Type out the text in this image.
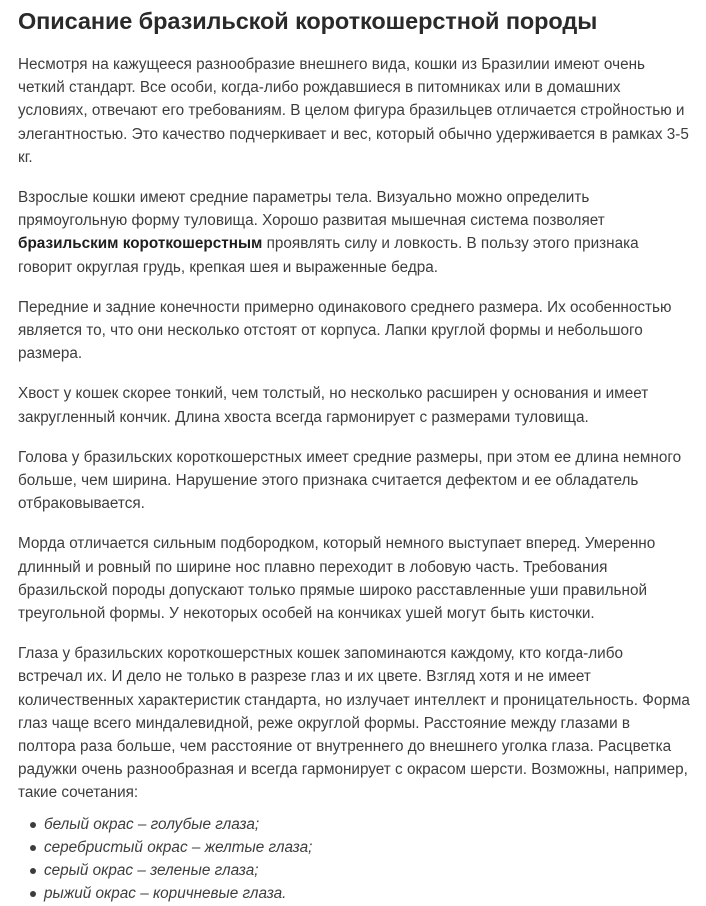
Описание бразильской короткошерстной породы

Несмотря на кажущееся разнообразие внешнего вида, кошки из Бразилии имеют очень четкий стандарт. Все особи, когда-либо рождавшиеся в питомниках или в домашних условиях, отвечают его требованиям. В целом фигура бразильцев отличается стройностью и элегантностью. Это качество подчеркивает и вес, который обычно удерживается в рамках 3-5 кг.

Взрослые кошки имеют средние параметры тела. Визуально можно определить прямоугольную форму туловища. Хорошо развитая мышечная система позволяет бразильским короткошерстным проявлять силу и ловкость. В пользу этого признака говорит округлая грудь, крепкая шея и выраженные бедра.

Передние и задние конечности примерно одинакового среднего размера. Их особенностью является то, что они несколько отстоят от корпуса. Лапки круглой формы и небольшого размера.

Хвост у кошек скорее тонкий, чем толстый, но несколько расширен у основания и имеет закругленный кончик. Длина хвоста всегда гармонирует с размерами туловища.

Голова у бразильских короткошерстных имеет средние размеры, при этом ее длина немного больше, чем ширина. Нарушение этого признака считается дефектом и ее обладатель отбраковывается.

Морда отличается сильным подбородком, который немного выступает вперед. Умеренно длинный и ровный по ширине нос плавно переходит в лобовую часть. Требования бразильской породы допускают только прямые широко расставленные уши правильной треугольной формы. У некоторых особей на кончиках ушей могут быть кисточки.

Глаза у бразильских короткошерстных кошек запоминаются каждому, кто когда-либо встречал их. И дело не только в разрезе глаз и их цвете. Взгляд хотя и не имеет количественных характеристик стандарта, но излучает интеллект и проницательность. Форма глаз чаще всего миндалевидной, реже округлой формы. Расстояние между глазами в полтора раза больше, чем расстояние от внутреннего до внешнего уголка глаза. Расцветка радужки очень разнообразная и всегда гармонирует с окрасом шерсти. Возможны, например, такие сочетания:

белый окрас – голубые глаза;
серебристый окрас – желтые глаза;
серый окрас – зеленые глаза;
рыжий окрас – коричневые глаза.
